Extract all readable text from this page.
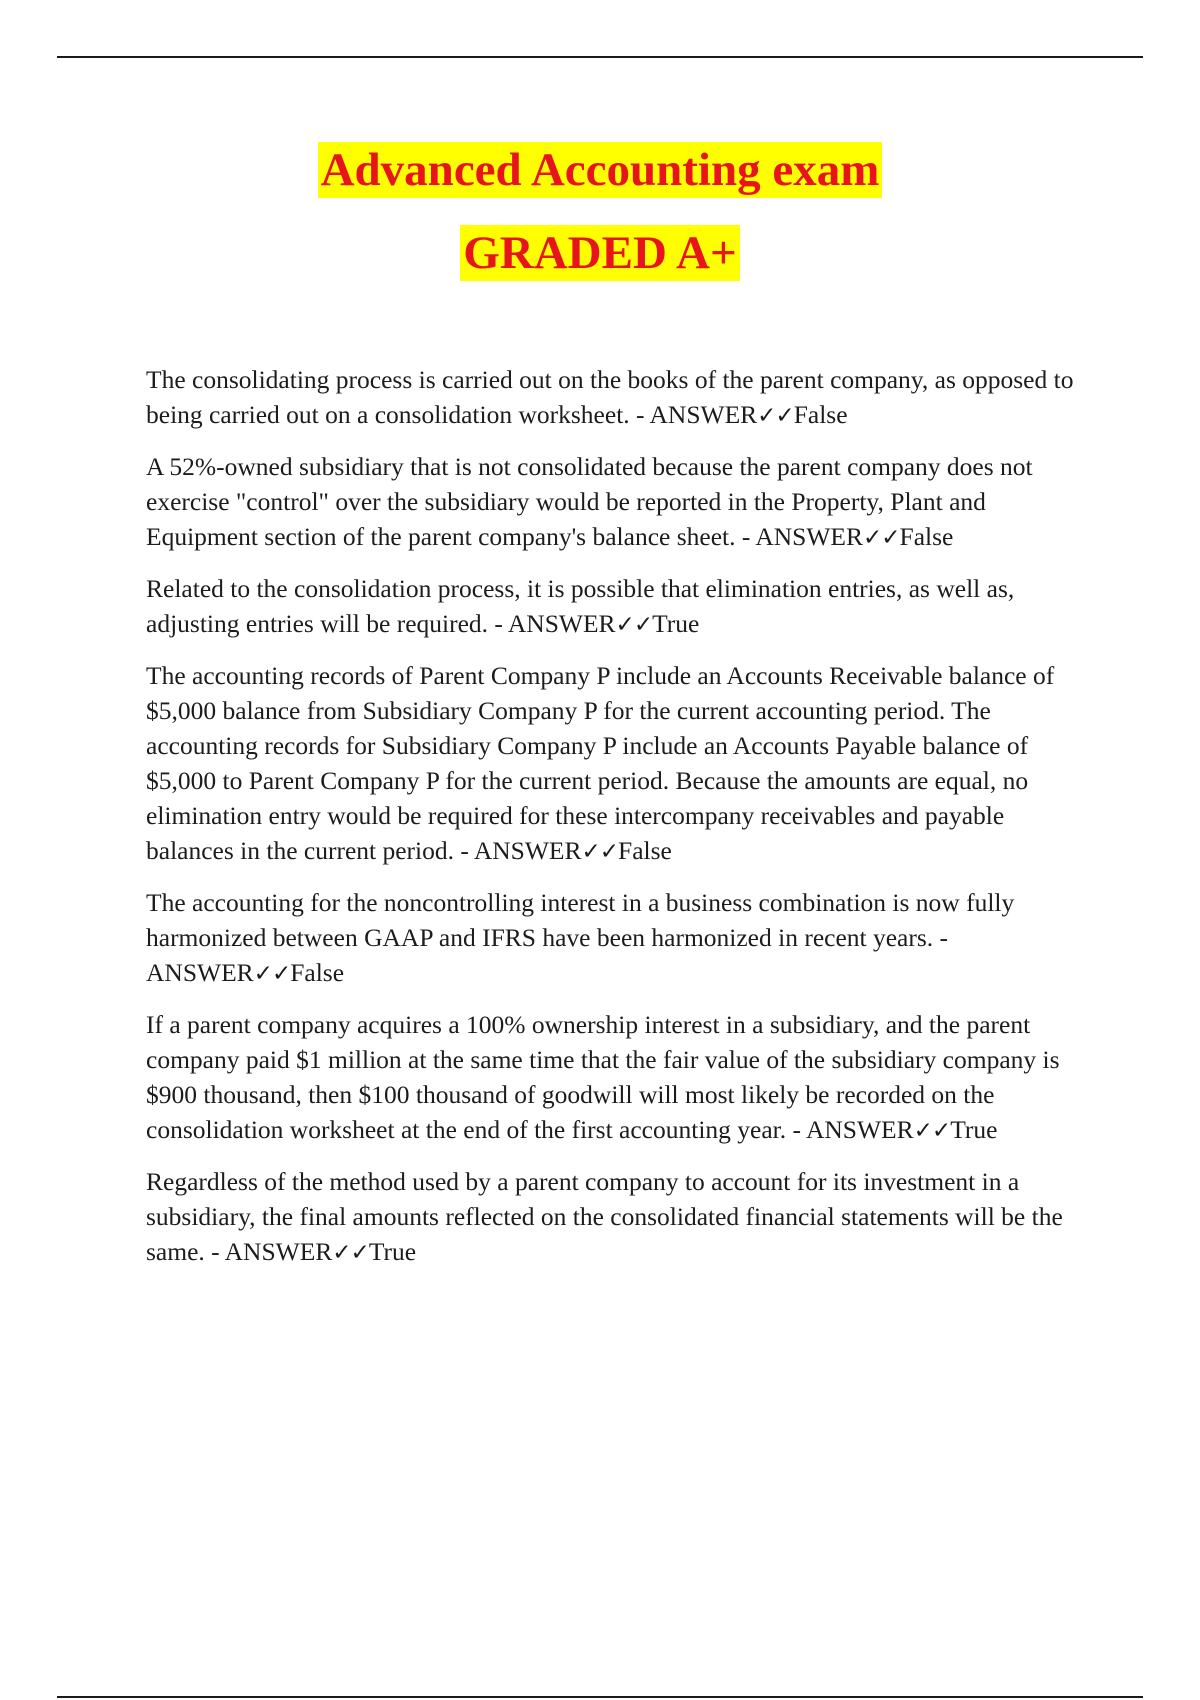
Advanced Accounting exam
GRADED A+

The consolidating process is carried out on the books of the parent company, as opposed to being carried out on a consolidation worksheet. - ANSWER✓✓False

A 52%-owned subsidiary that is not consolidated because the parent company does not exercise "control" over the subsidiary would be reported in the Property, Plant and Equipment section of the parent company's balance sheet. - ANSWER✓✓False

Related to the consolidation process, it is possible that elimination entries, as well as, adjusting entries will be required. - ANSWER✓✓True

The accounting records of Parent Company P include an Accounts Receivable balance of $5,000 balance from Subsidiary Company P for the current accounting period. The accounting records for Subsidiary Company P include an Accounts Payable balance of $5,000 to Parent Company P for the current period. Because the amounts are equal, no elimination entry would be required for these intercompany receivables and payable balances in the current period. - ANSWER✓✓False

The accounting for the noncontrolling interest in a business combination is now fully harmonized between GAAP and IFRS have been harmonized in recent years. - ANSWER✓✓False

If a parent company acquires a 100% ownership interest in a subsidiary, and the parent company paid $1 million at the same time that the fair value of the subsidiary company is $900 thousand, then $100 thousand of goodwill will most likely be recorded on the consolidation worksheet at the end of the first accounting year. - ANSWER✓✓True

Regardless of the method used by a parent company to account for its investment in a subsidiary, the final amounts reflected on the consolidated financial statements will be the same. - ANSWER✓✓True
